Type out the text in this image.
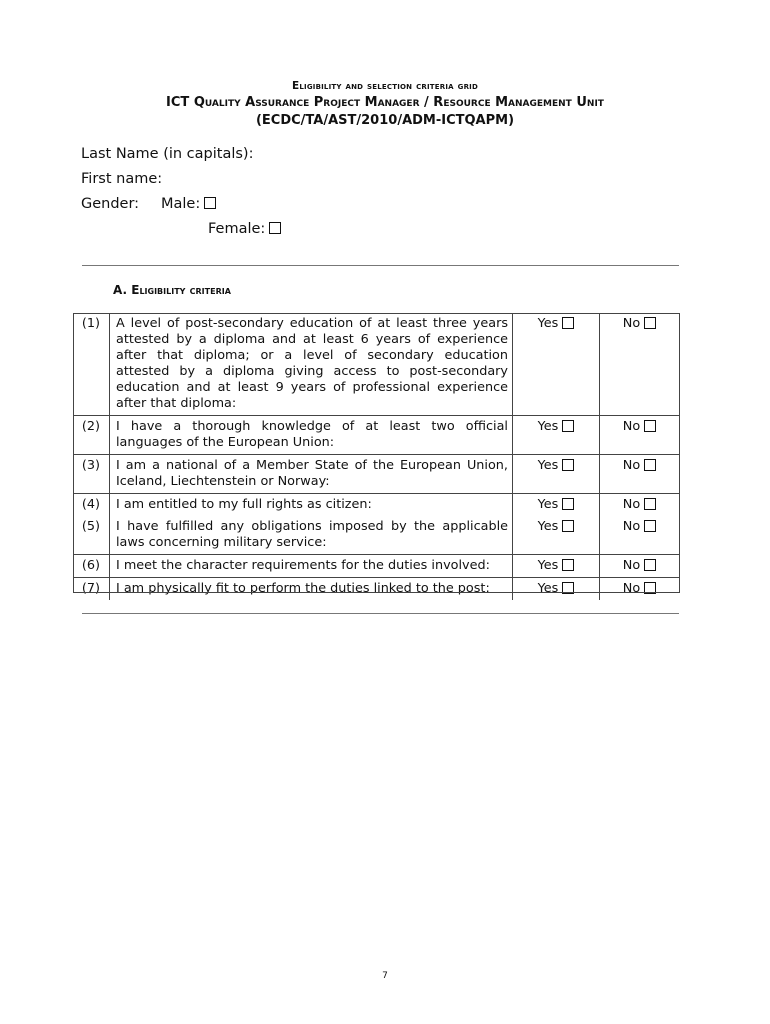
Eligibility and selection criteria grid
ICT Quality Assurance Project Manager / Resource Management Unit
(ECDC/TA/AST/2010/ADM-ICTQAPM)
Last Name (in capitals):
First name:
Gender: Male:
Female:
A. Eligibility criteria
(1)	A level of post-secondary education of at least three years attested by a diploma and at least 6 years of experience after that diploma; or a level of secondary education attested by a diploma giving access to post-secondary education and at least 9 years of professional experience after that diploma:	Yes	No
(2)	I have a thorough knowledge of at least two official languages of the European Union:	Yes	No
(3)	I am a national of a Member State of the European Union, Iceland, Liechtenstein or Norway:	Yes	No
(4)	I am entitled to my full rights as citizen:	Yes	No
(5)	I have fulfilled any obligations imposed by the applicable laws concerning military service:	Yes	No
(6)	I meet the character requirements for the duties involved:	Yes	No
(7)	I am physically fit to perform the duties linked to the post:	Yes	No
7
